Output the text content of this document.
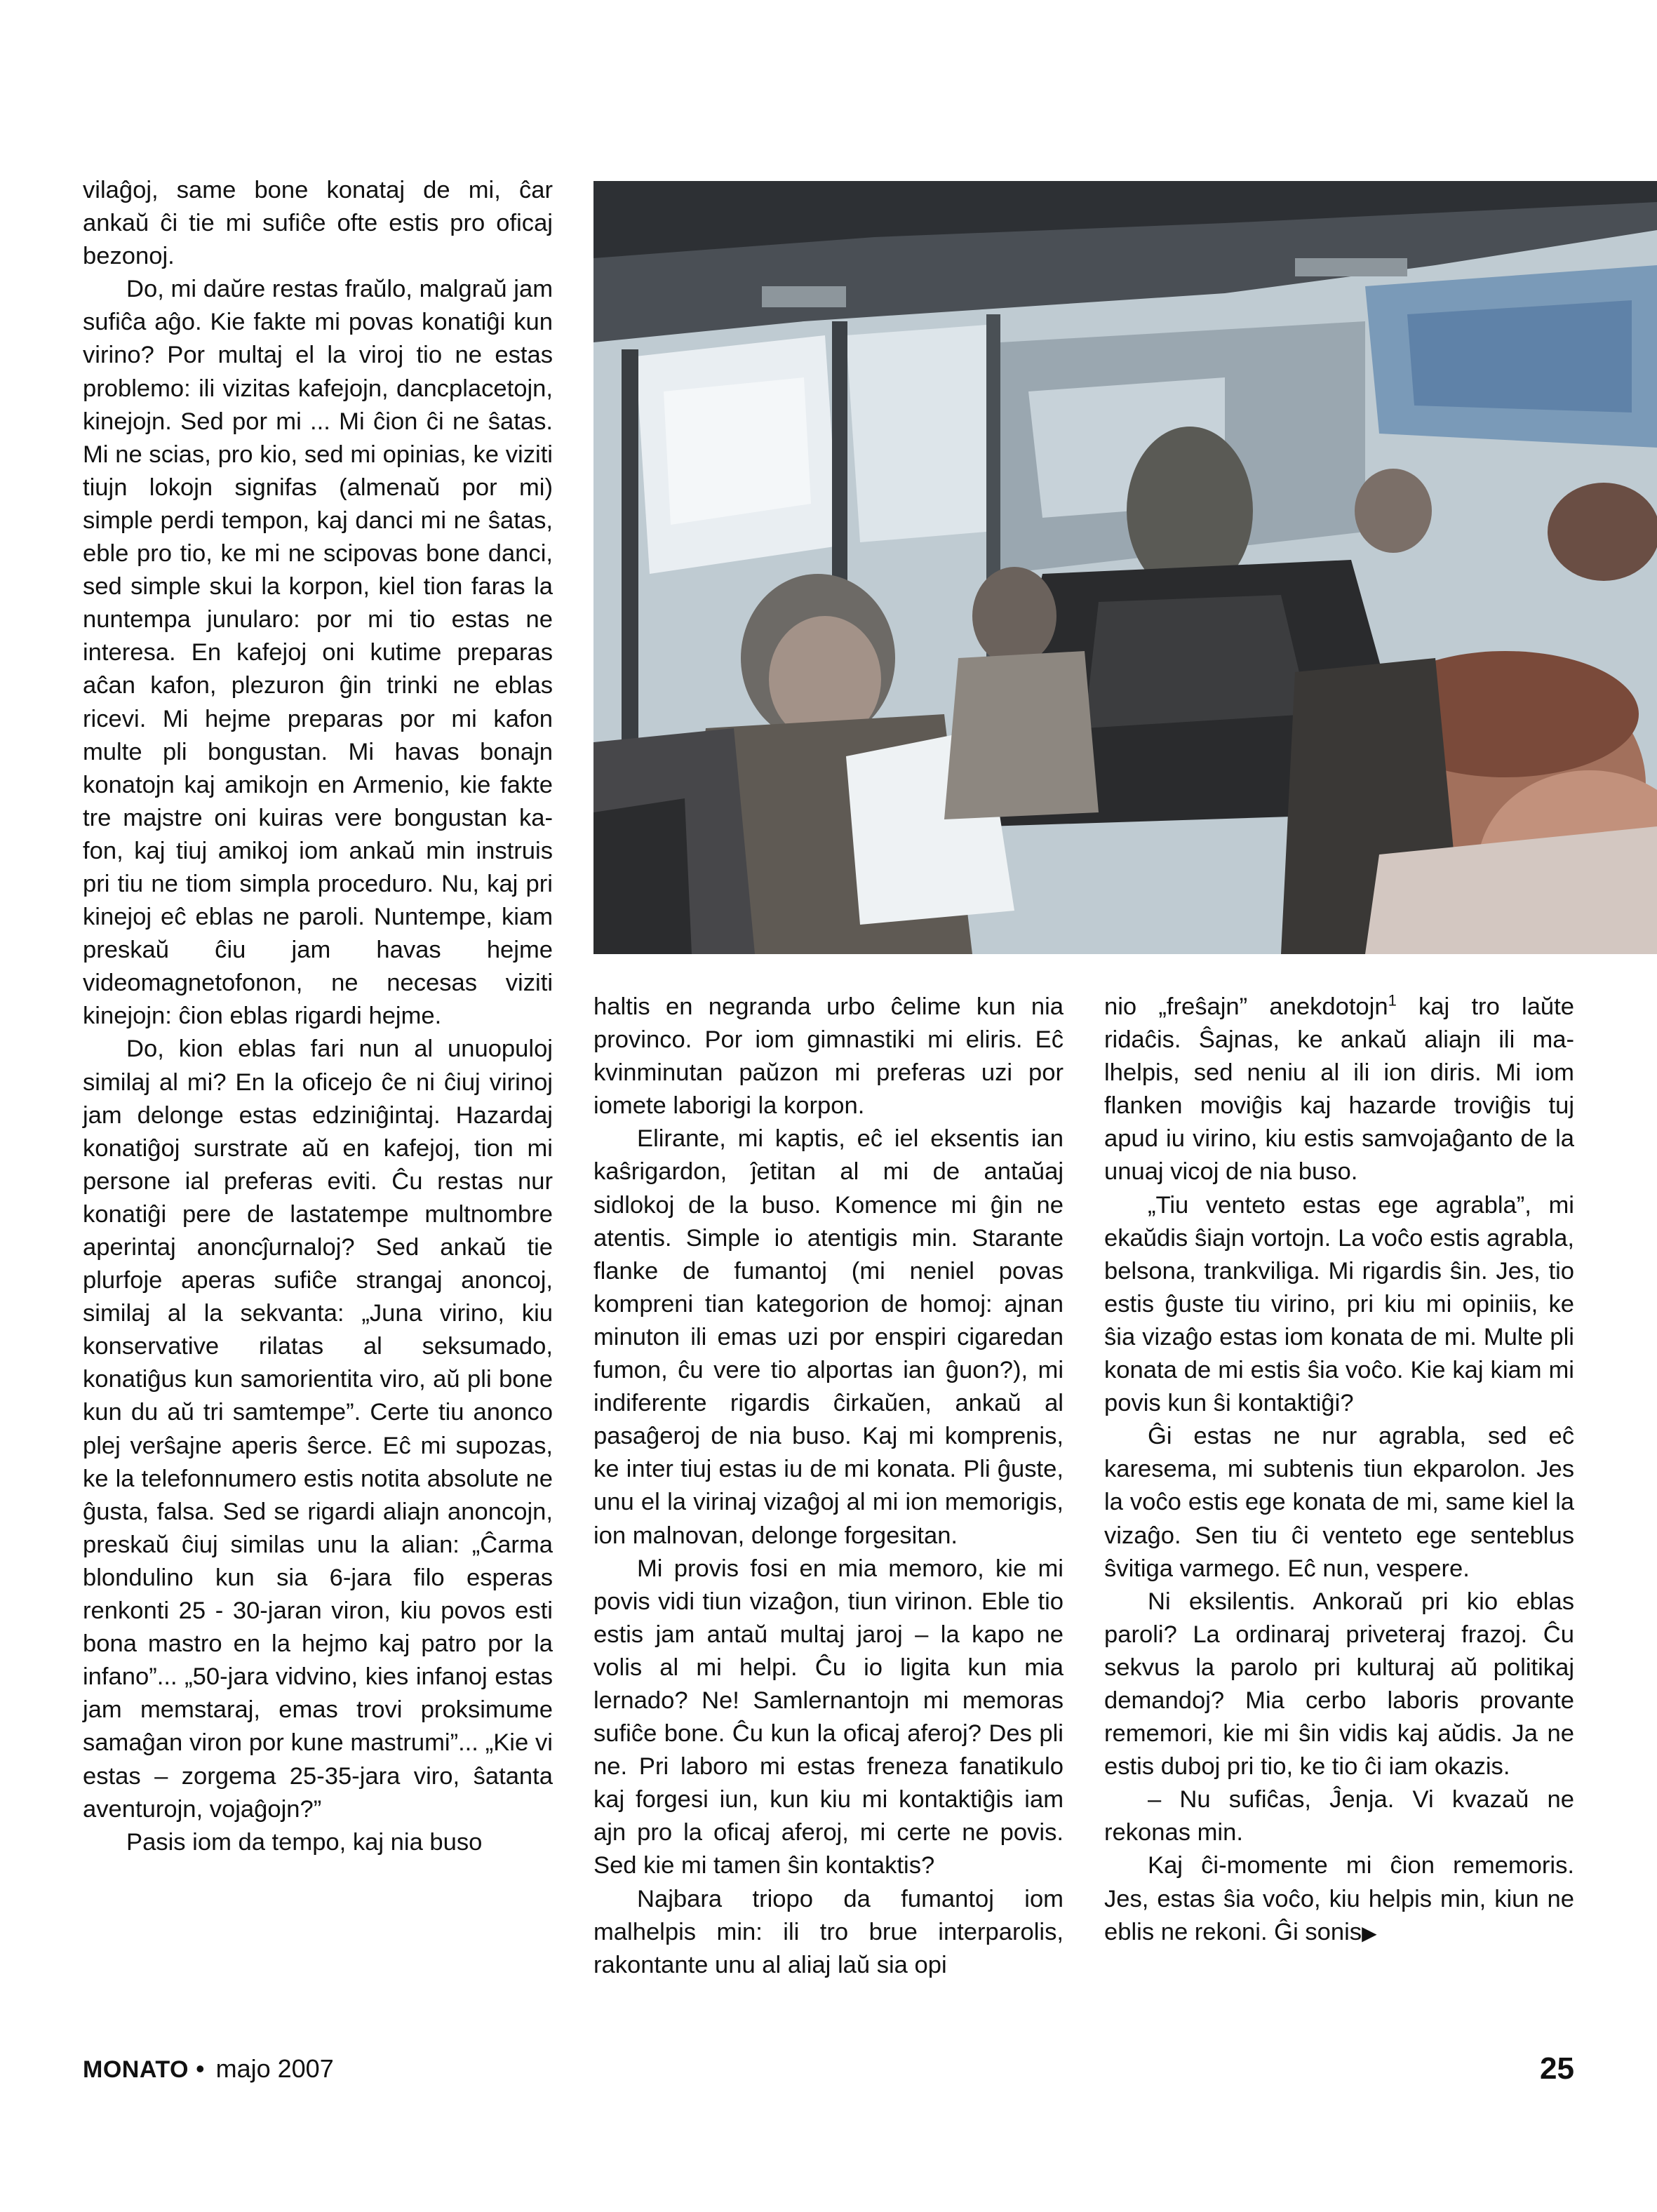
vilaĝoj, same bone konataj de mi, ĉar ankaŭ ĉi tie mi sufiĉe ofte estis pro oficaj bezonoj.

Do, mi daŭre restas fraŭlo, malgraŭ jam sufiĉa aĝo. Kie fakte mi povas konatiĝi kun virino? Por multaj el la viroj tio ne estas problemo: ili vizitas kafejojn, dancplacetojn, kinejojn. Sed por mi ... Mi ĉion ĉi ne ŝatas. Mi ne scias, pro kio, sed mi opinias, ke viziti tiujn lokojn signifas (almenaŭ por mi) simple perdi tempon, kaj danci mi ne ŝatas, eble pro tio, ke mi ne scipovas bone danci, sed simple skui la korpon, kiel tion faras la nuntempa junularo: por mi tio estas ne interesa. En kafejoj oni kutime preparas aĉan kafon, plezuron ĝin trinki ne eblas ricevi. Mi hejme preparas por mi kafon multe pli bongustan. Mi havas bonajn konatojn kaj amikojn en Armenio, kie fakte tre majstre oni kuiras vere bongustan kafon, kaj tiuj amikoj iom ankaŭ min instruis pri tiu ne tiom simpla proceduro. Nu, kaj pri kinejoj eĉ eblas ne paroli. Nuntempe, kiam preskaŭ ĉiu jam havas hejme videomagnetofonon, ne necesas viziti kinejojn: ĉion eblas rigardi hejme.

Do, kion eblas fari nun al unuopuloj similaj al mi? En la oficejo ĉe ni ĉiuj virinoj jam delonge estas edziniĝintaj. Hazardaj konatiĝoj surstrate aŭ en kafejoj, tion mi persone ial preferas eviti. Ĉu restas nur konatiĝi pere de lastatempe multnombre aperintaj anoncĵurnaloj? Sed ankaŭ tie plurfoje aperas sufiĉe strangaj anoncoj, similaj al la sekvanta: „Juna virino, kiu konservative rilatas al seksumado, konatiĝus kun samorientita viro, aŭ pli bone kun du aŭ tri samtempe”. Certe tiu anonco plej verŝajne aperis ŝerce. Eĉ mi supozas, ke la telefonnumero estis notita absolute ne ĝusta, falsa. Sed se rigardi aliajn anoncojn, preskaŭ ĉiuj similas unu la alian: „Ĉarma blondulino kun sia 6-jara filo esperas renkonti 25 - 30-jaran viron, kiu povos esti bona mastro en la hejmo kaj patro por la infano”... „50-jara vidvino, kies infanoj estas jam memstaraj, emas trovi proksimume samaĝan viron por kune mastrumi”... „Kie vi estas – zorgema 25-35-jara viro, ŝatanta aventurojn, vojaĝojn?”

Pasis iom da tempo, kaj nia buso

haltis en negranda urbo ĉelime kun nia provinco. Por iom gimnastiki mi eliris. Eĉ kvinminutan paŭzon mi preferas uzi por iomete laborigi la korpon.

Elirante, mi kaptis, eĉ iel eksentis ian kaŝrigardon, ĵetitan al mi de antaŭaj sidlokoj de la buso. Komence mi ĝin ne atentis. Simple io atentigis min. Starante flanke de fumantoj (mi neniel povas kompreni tian kategorion de homoj: ajnan minuton ili emas uzi por enspiri cigaredan fumon, ĉu vere tio alportas ian ĝuon?), mi indiferente rigardis ĉirkaŭen, ankaŭ al pasaĝeroj de nia buso. Kaj mi komprenis, ke inter tiuj estas iu de mi konata. Pli ĝuste, unu el la virinaj vizaĝoj al mi ion memorigis, ion malnovan, delonge forgesitan.

Mi provis fosi en mia memoro, kie mi povis vidi tiun vizaĝon, tiun virinon. Eble tio estis jam antaŭ multaj jaroj – la kapo ne volis al mi helpi. Ĉu io ligita kun mia lernado? Ne! Samlernantojn mi memoras sufiĉe bone. Ĉu kun la oficaj aferoj? Des pli ne. Pri laboro mi estas freneza fanatikulo kaj forgesi iun, kun kiu mi kontaktiĝis iam ajn pro la oficaj aferoj, mi certe ne povis. Sed kie mi tamen ŝin kontaktis?

Najbara triopo da fumantoj iom malhelpis min: ili tro brue interparolis, rakontante unu al aliaj laŭ sia opi

nio „freŝajn” anekdotojn$^1$ kaj tro laŭte ridaĉis. Ŝajnas, ke ankaŭ aliajn ili malhelpis, sed neniu al ili ion diris. Mi iom flanken moviĝis kaj hazarde troviĝis tuj apud iu virino, kiu estis samvojaĝanto de la unuaj vicoj de nia buso.

„Tiu venteto estas ege agrabla”, mi ekaŭdis ŝiajn vortojn. La voĉo estis agrabla, belsona, trankviliga. Mi rigardis ŝin. Jes, tio estis ĝuste tiu virino, pri kiu mi opiniis, ke ŝia vizaĝo estas iom konata de mi. Multe pli konata de mi estis ŝia voĉo. Kie kaj kiam mi povis kun ŝi kontaktiĝi?

Ĝi estas ne nur agrabla, sed eĉ karesema, mi subtenis tiun ekparolon. Jes la voĉo estis ege konata de mi, same kiel la vizaĝo. Sen tiu ĉi venteto ege senteblus ŝvitiga varmego. Eĉ nun, vespere.

Ni eksilentis. Ankoraŭ pri kio eblas paroli? La ordinaraj priveteraj frazoj. Ĉu sekvus la parolo pri kulturaj aŭ politikaj demandoj? Mia cerbo laboris provante rememori, kie mi ŝin vidis kaj aŭdis. Ja ne estis duboj pri tio, ke tio ĉi iam okazis.

– Nu sufiĉas, Ĵenja. Vi kvazaŭ ne rekonas min.

Kaj ĉi-momente mi ĉion rememoris. Jes, estas ŝia voĉo, kiu helpis min, kiun ne eblis ne rekoni. Ĝi sonis▶

MONATO • majo 2007	25
